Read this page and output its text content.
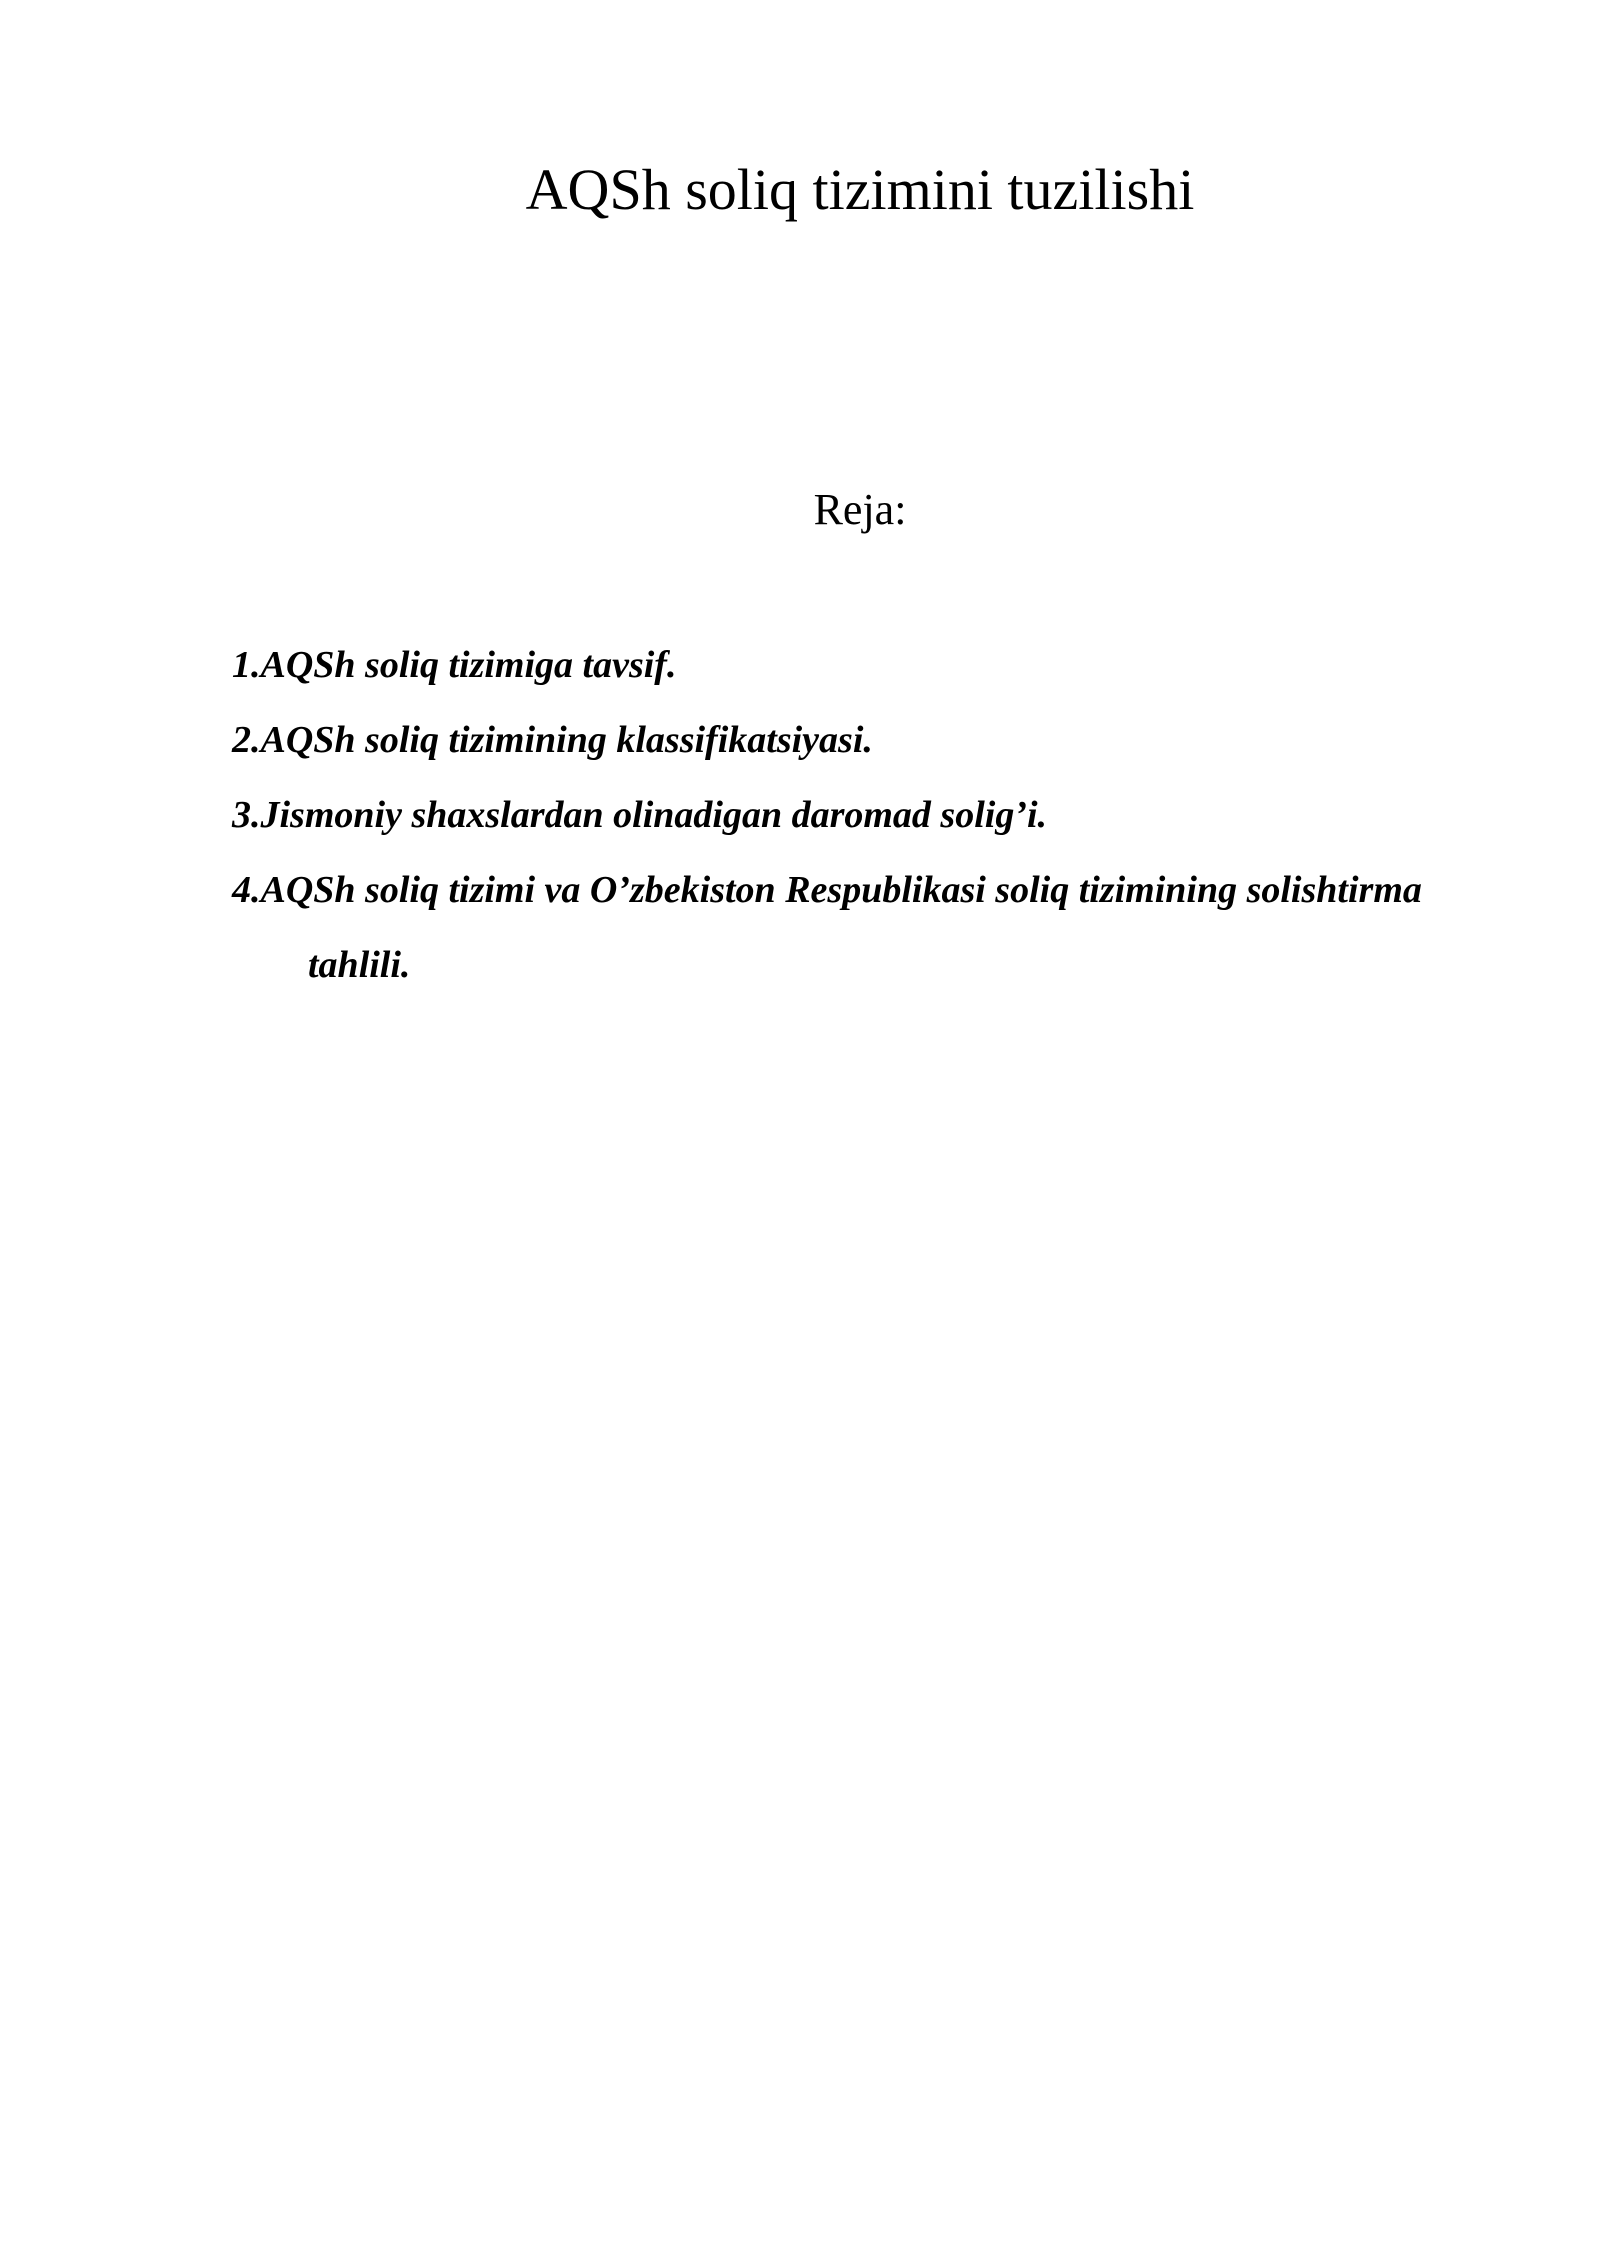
AQSh soliq tizimini tuzilishi
Reja:
1.AQSh soliq tizimiga tavsif.
2.AQSh soliq tizimining klassifikatsiyasi.
3.Jismoniy shaxslardan olinadigan daromad solig’i.
4.AQSh soliq tizimi va O’zbekiston Respublikasi soliq tizimining solishtirma tahlili.
